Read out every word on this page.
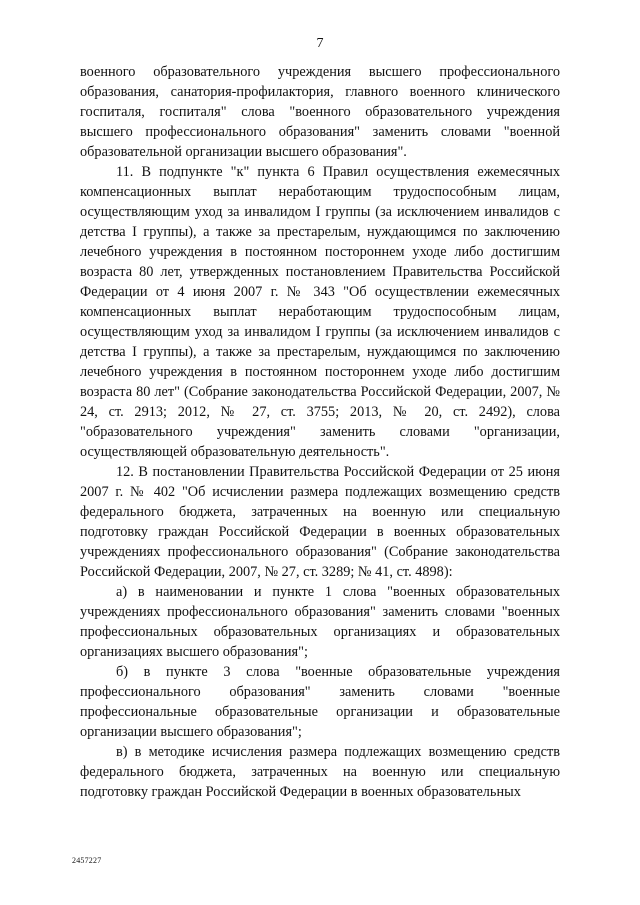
7

военного образовательного учреждения высшего профессионального образования, санатория-профилактория, главного военного клинического госпиталя, госпиталя" слова "военного образовательного учреждения высшего профессионального образования" заменить словами "военной образовательной организации высшего образования".

11. В подпункте "к" пункта 6 Правил осуществления ежемесячных компенсационных выплат неработающим трудоспособным лицам, осуществляющим уход за инвалидом I группы (за исключением инвалидов с детства I группы), а также за престарелым, нуждающимся по заключению лечебного учреждения в постоянном постороннем уходе либо достигшим возраста 80 лет, утвержденных постановлением Правительства Российской Федерации от 4 июня 2007 г. № 343 "Об осуществлении ежемесячных компенсационных выплат неработающим трудоспособным лицам, осуществляющим уход за инвалидом I группы (за исключением инвалидов с детства I группы), а также за престарелым, нуждающимся по заключению лечебного учреждения в постоянном постороннем уходе либо достигшим возраста 80 лет" (Собрание законодательства Российской Федерации, 2007, № 24, ст. 2913; 2012, № 27, ст. 3755; 2013, № 20, ст. 2492), слова "образовательного учреждения" заменить словами "организации, осуществляющей образовательную деятельность".

12. В постановлении Правительства Российской Федерации от 25 июня 2007 г. № 402 "Об исчислении размера подлежащих возмещению средств федерального бюджета, затраченных на военную или специальную подготовку граждан Российской Федерации в военных образовательных учреждениях профессионального образования" (Собрание законодательства Российской Федерации, 2007, № 27, ст. 3289; № 41, ст. 4898):

а) в наименовании и пункте 1 слова "военных образовательных учреждениях профессионального образования" заменить словами "военных профессиональных образовательных организациях и образовательных организациях высшего образования";

б) в пункте 3 слова "военные образовательные учреждения профессионального образования" заменить словами "военные профессиональные образовательные организации и образовательные организации высшего образования";

в) в методике исчисления размера подлежащих возмещению средств федерального бюджета, затраченных на военную или специальную подготовку граждан Российской Федерации в военных образовательных

2457227
